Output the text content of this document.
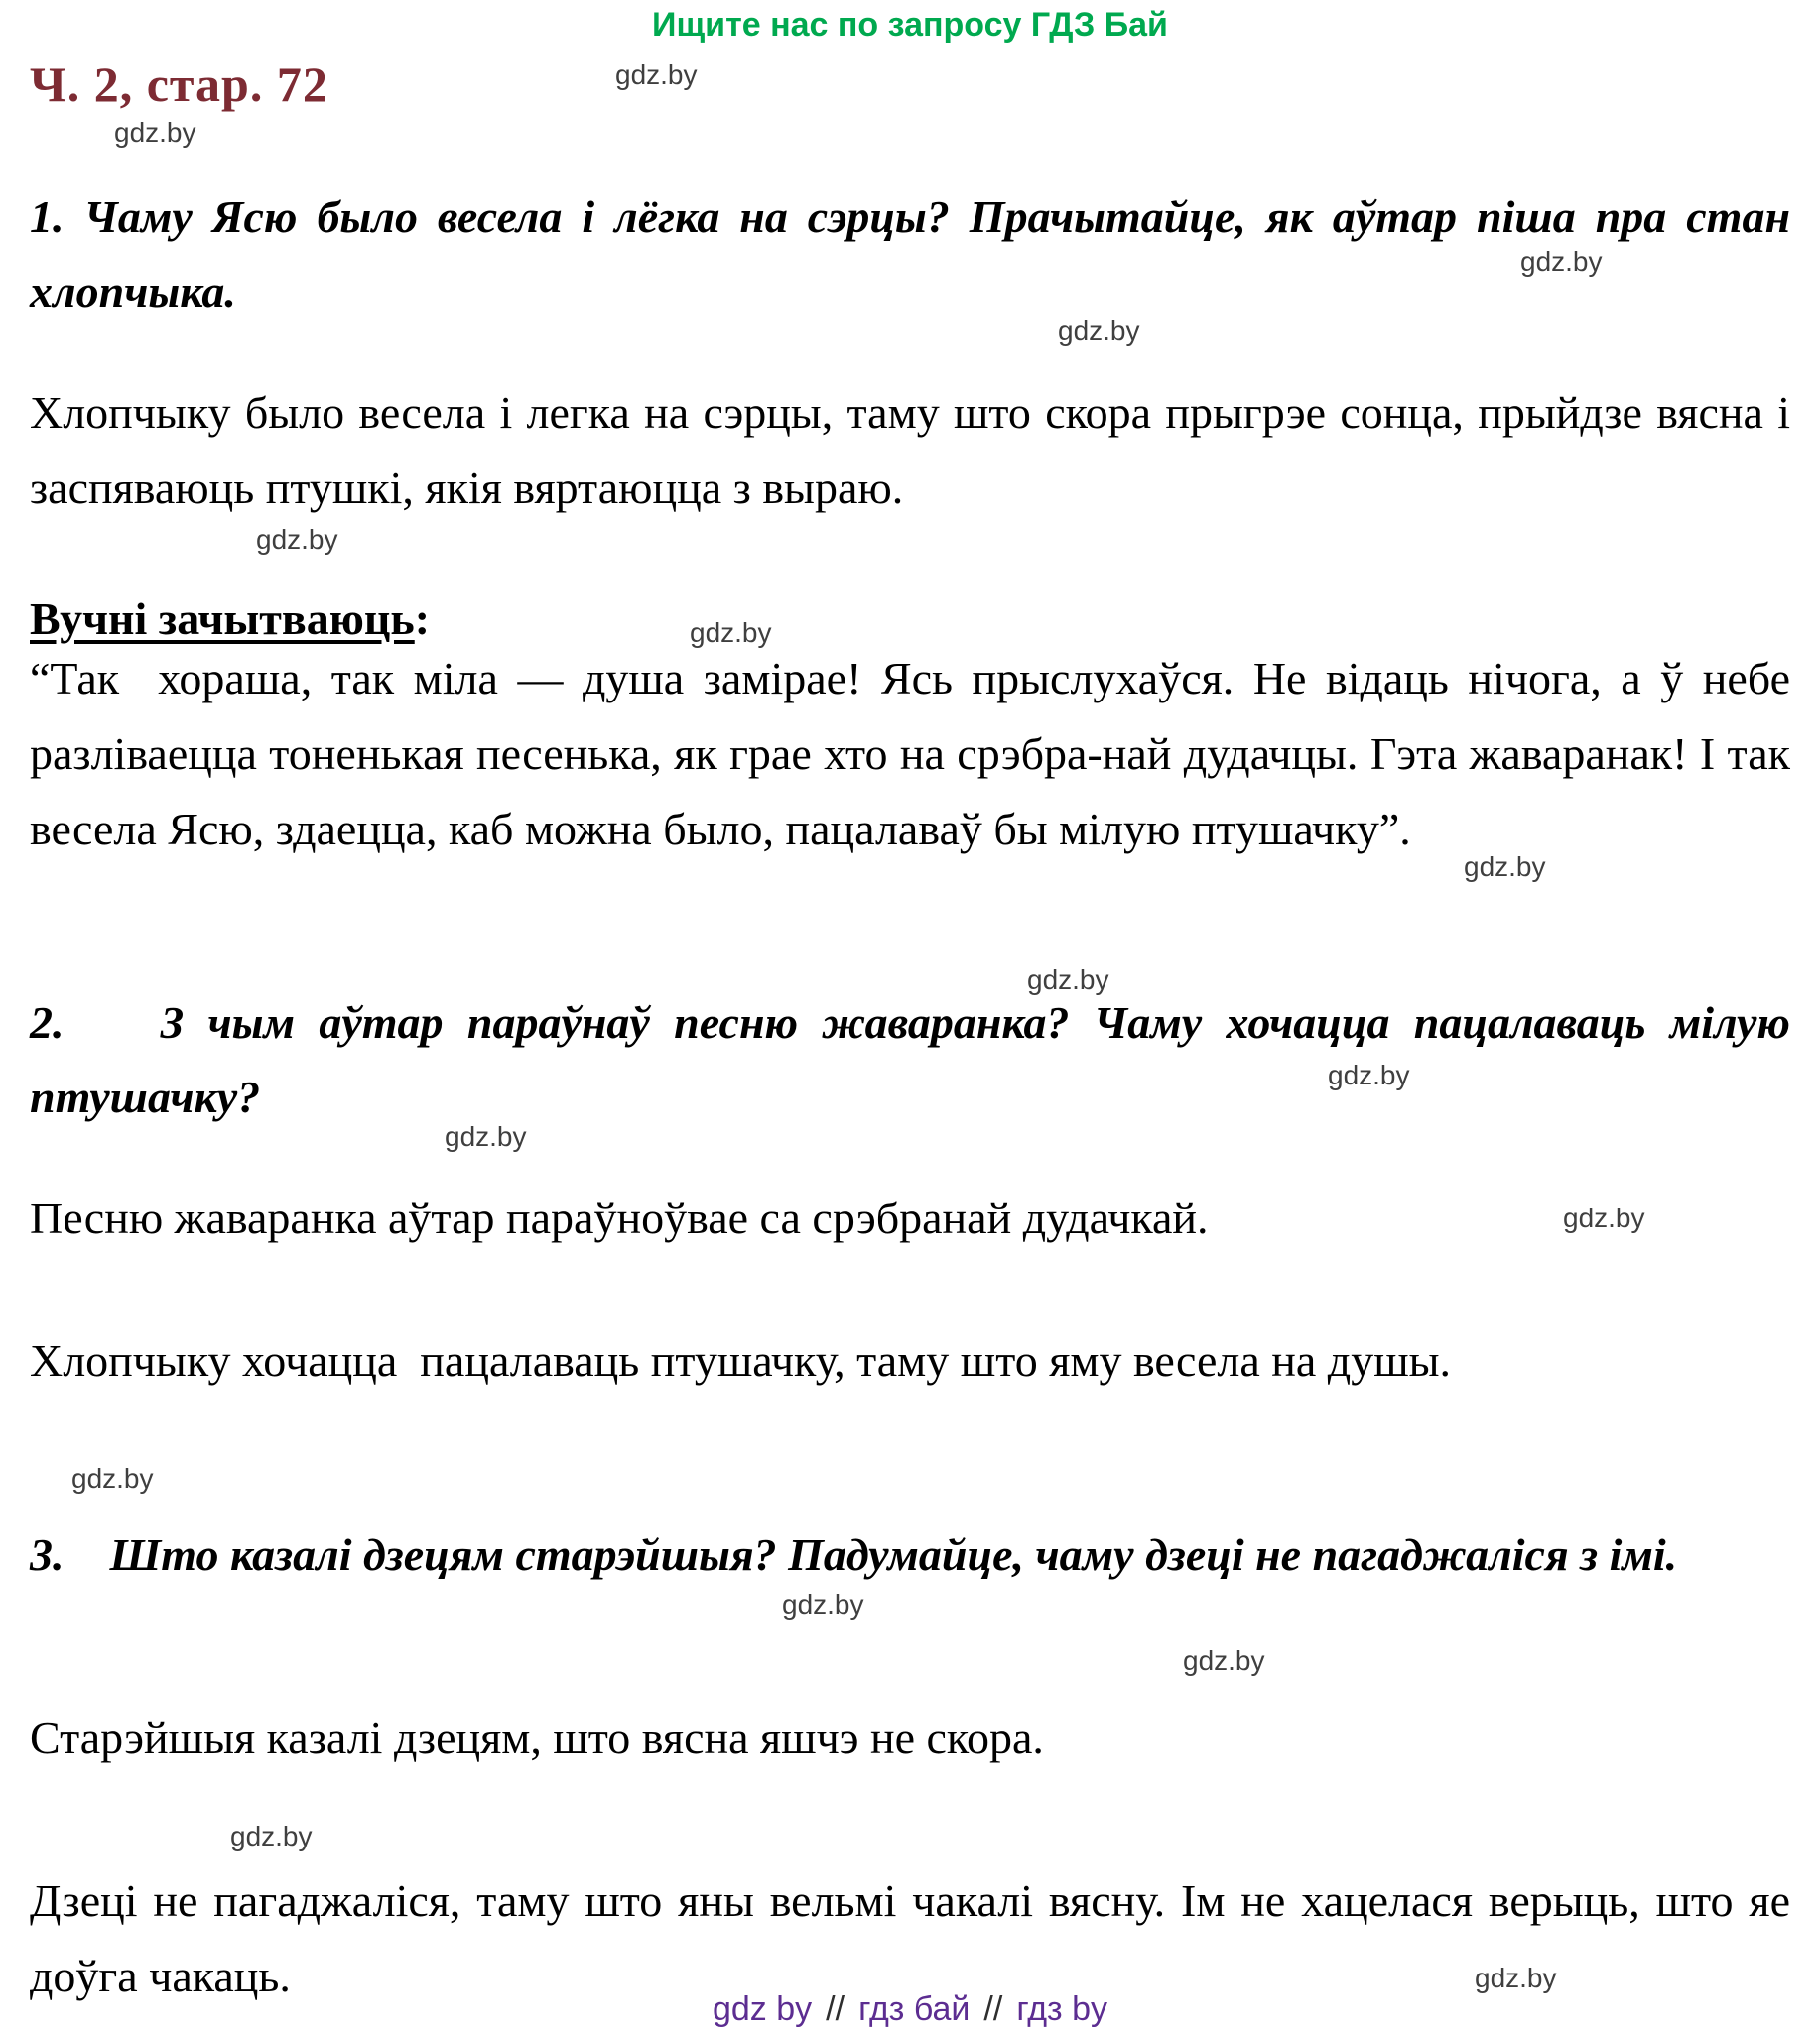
Ищите нас по запросу ГДЗ Бай
Ч. 2, стар. 72

1. Чаму Ясю было весела і лёгка на сэрцы? Прачытайце, як аўтар піша пра стан хлопчыка.

Хлопчыку было весела і легка на сэрцы, таму што скора прыгрэе сонца, прыйдзе вясна і заспяваюць птушкі, якія вяртаюцца з выраю.

Вучні зачытваюць:

“Так  хораша, так міла — душа замірае! Ясь прыслухаўся. Не відаць нічога, а ў небе разліваецца тоненькая песенька, як грае хто на срэбра-най дудачцы. Гэта жаваранак! І так весела Ясю, здаецца, каб можна было, пацалаваў бы мілую птушачку”.

2.    З чым аўтар параўнаў песню жаваранка? Чаму хочацца пацалаваць мілую птушачку?

Песню жаваранка аўтар параўноўвае са срэбранай дудачкай.

Хлопчыку хочацца  пацалаваць птушачку, таму што яму весела на душы.

3.    Што казалі дзецям старэйшыя? Падумайце, чаму дзеці не пагаджаліся з імі.

Старэйшыя казалі дзецям, што вясна яшчэ не скора.

Дзеці не пагаджаліся, таму што яны вельмі чакалі вясну. Ім не хацелася верыць, што яе доўга чакаць.

gdz by // гдз бай // гдз by
gdz.by
gdz.by
gdz.by
gdz.by
gdz.by
gdz.by
gdz.by
gdz.by
gdz.by
gdz.by
gdz.by
gdz.by
gdz.by
gdz.by
gdz.by
gdz.by
